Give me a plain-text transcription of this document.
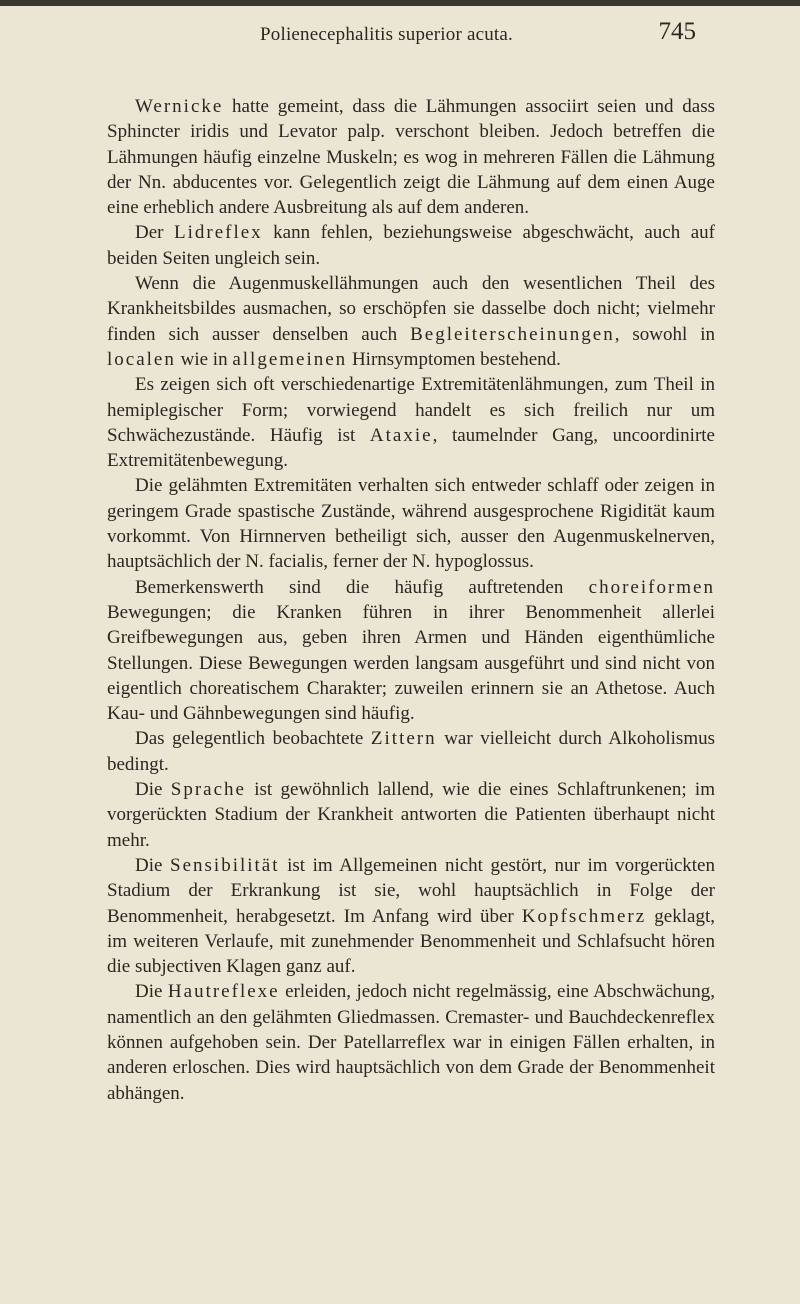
Polienecephalitis superior acuta.	745

Wernicke hatte gemeint, dass die Lähmungen associirt seien und dass Sphincter iridis und Levator palp. verschont bleiben. Jedoch betreffen die Lähmungen häufig einzelne Muskeln; es wog in mehreren Fällen die Lähmung der Nn. abducentes vor. Gelegentlich zeigt die Lähmung auf dem einen Auge eine erheblich andere Ausbreitung als auf dem anderen.

Der Lidreflex kann fehlen, beziehungsweise abgeschwächt, auch auf beiden Seiten ungleich sein.

Wenn die Augenmuskellähmungen auch den wesentlichen Theil des Krankheitsbildes ausmachen, so erschöpfen sie dasselbe doch nicht; vielmehr finden sich ausser denselben auch Begleiterscheinungen, sowohl in localen wie in allgemeinen Hirnsymptomen bestehend.

Es zeigen sich oft verschiedenartige Extremitätenlähmungen, zum Theil in hemiplegischer Form; vorwiegend handelt es sich freilich nur um Schwächezustände. Häufig ist Ataxie, taumelnder Gang, uncoordinirte Extremitätenbewegung.

Die gelähmten Extremitäten verhalten sich entweder schlaff oder zeigen in geringem Grade spastische Zustände, während ausgesprochene Rigidität kaum vorkommt. Von Hirnnerven betheiligt sich, ausser den Augenmuskelnerven, hauptsächlich der N. facialis, ferner der N. hypoglossus.

Bemerkenswerth sind die häufig auftretenden choreiformen Bewegungen; die Kranken führen in ihrer Benommenheit allerlei Greifbewegungen aus, geben ihren Armen und Händen eigenthümliche Stellungen. Diese Bewegungen werden langsam ausgeführt und sind nicht von eigentlich choreatischem Charakter; zuweilen erinnern sie an Athetose. Auch Kau- und Gähnbewegungen sind häufig.

Das gelegentlich beobachtete Zittern war vielleicht durch Alkoholismus bedingt.

Die Sprache ist gewöhnlich lallend, wie die eines Schlaftrunkenen; im vorgerückten Stadium der Krankheit antworten die Patienten überhaupt nicht mehr.

Die Sensibilität ist im Allgemeinen nicht gestört, nur im vorgerückten Stadium der Erkrankung ist sie, wohl hauptsächlich in Folge der Benommenheit, herabgesetzt. Im Anfang wird über Kopfschmerz geklagt, im weiteren Verlaufe, mit zunehmender Benommenheit und Schlafsucht hören die subjectiven Klagen ganz auf.

Die Hautreflexe erleiden, jedoch nicht regelmässig, eine Abschwächung, namentlich an den gelähmten Gliedmassen. Cremaster- und Bauchdeckenreflex können aufgehoben sein. Der Patellarreflex war in einigen Fällen erhalten, in anderen erloschen. Dies wird hauptsächlich von dem Grade der Benommenheit abhängen.
